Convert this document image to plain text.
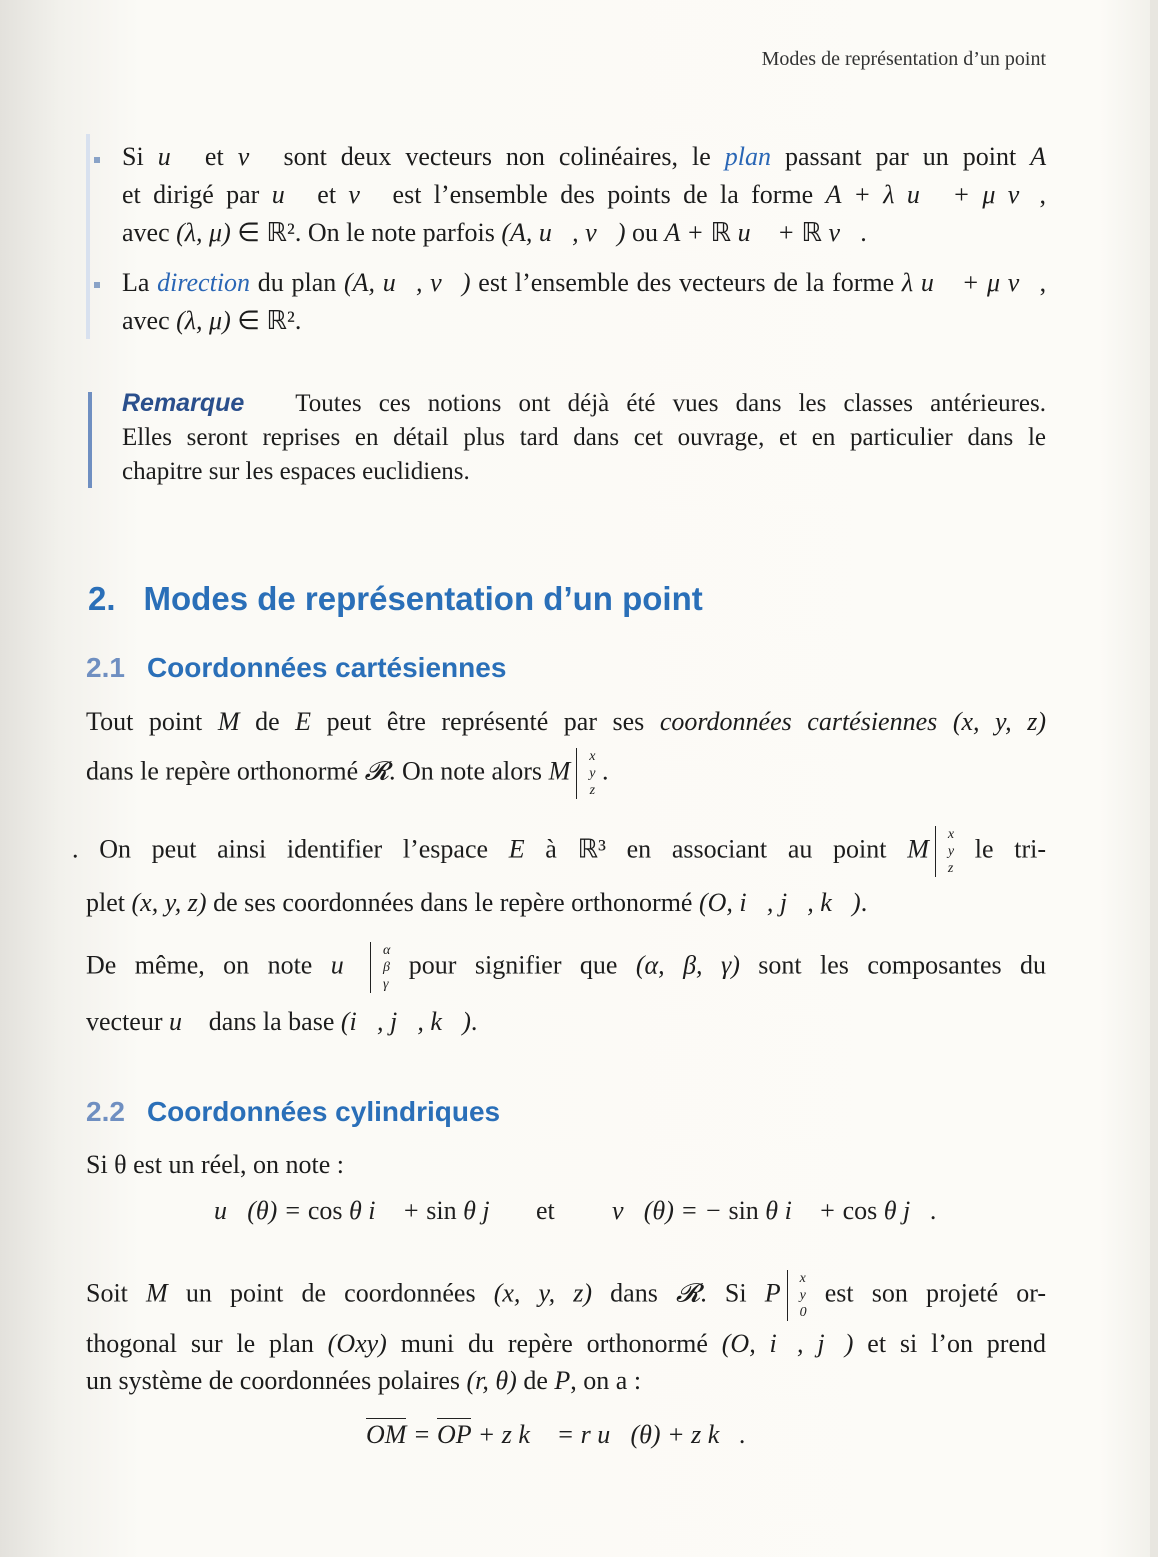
Modes de représentation d’un point
Si u⃗ et v⃗ sont deux vecteurs non colinéaires, le plan passant par un point A
et dirigé par u⃗ et v⃗ est l’ensemble des points de la forme A + λ u⃗ + μ v⃗,
avec (λ, μ) ∈ ℝ². On le note parfois (A, u⃗, v⃗) ou A + ℝ u⃗ + ℝ v⃗.
La direction du plan (A, u⃗, v⃗) est l’ensemble des vecteurs de la forme λ u⃗ + μ v⃗,
avec (λ, μ) ∈ ℝ².
Remarque Toutes ces notions ont déjà été vues dans les classes antérieures.
Elles seront reprises en détail plus tard dans cet ouvrage, et en particulier dans le
chapitre sur les espaces euclidiens.
2. Modes de représentation d’un point
2.1 Coordonnées cartésiennes
Tout point M de E peut être représenté par ses coordonnées cartésiennes (x, y, z)
dans le repère orthonormé 𝓡. On note alors M x
y
z
.
. On peut ainsi identifier l’espace E à ℝ³ en associant au point M x
y
z
le tri-
plet (x, y, z) de ses coordonnées dans le repère orthonormé (O, i⃗, j⃗, k⃗).
De même, on note u⃗ α
β
γ
pour signifier que (α, β, γ) sont les composantes du
vecteur u⃗ dans la base (i⃗, j⃗, k⃗).
2.2 Coordonnées cylindriques
Si θ est un réel, on note :
u⃗(θ) = cos θ i⃗ + sin θ j⃗ et v⃗(θ) = − sin θ i⃗ + cos θ j⃗.
Soit M un point de coordonnées (x, y, z) dans 𝓡. Si P x
y
0
est son projeté or-
thogonal sur le plan (Oxy) muni du repère orthonormé (O, i⃗, j⃗) et si l’on prend
un système de coordonnées polaires (r, θ) de P, on a :
OM = OP + z k⃗ = r u⃗(θ) + z k⃗.
